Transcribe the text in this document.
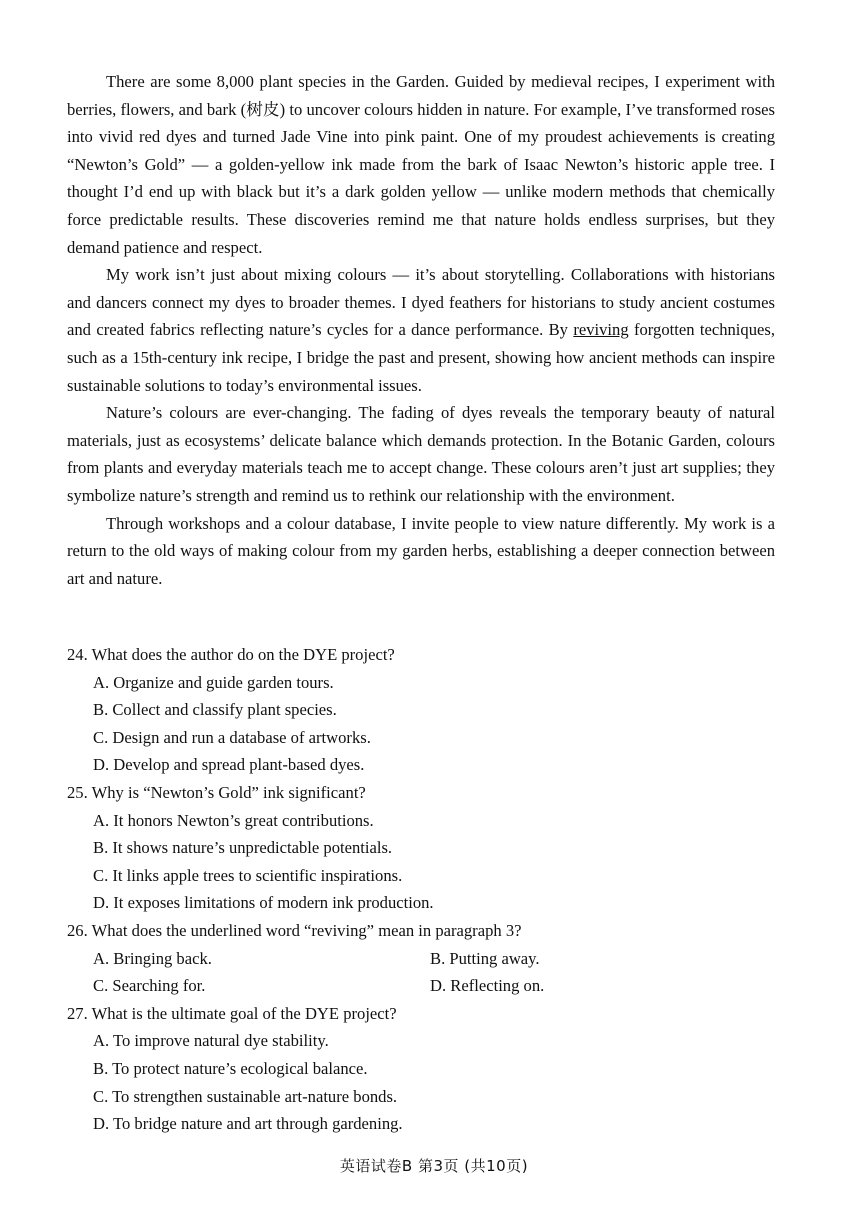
There are some 8,000 plant species in the Garden. Guided by medieval recipes, I experiment with berries, flowers, and bark (树皮) to uncover colours hidden in nature. For example, I’ve transformed roses into vivid red dyes and turned Jade Vine into pink paint. One of my proudest achievements is creating “Newton’s Gold” — a golden-yellow ink made from the bark of Isaac Newton’s historic apple tree. I thought I’d end up with black but it’s a dark golden yellow — unlike modern methods that chemically force predictable results. These discoveries remind me that nature holds endless surprises, but they demand patience and respect.

My work isn’t just about mixing colours — it’s about storytelling. Collaborations with historians and dancers connect my dyes to broader themes. I dyed feathers for historians to study ancient costumes and created fabrics reflecting nature’s cycles for a dance performance. By reviving forgotten techniques, such as a 15th-century ink recipe, I bridge the past and present, showing how ancient methods can inspire sustainable solutions to today’s environmental issues.

Nature’s colours are ever-changing. The fading of dyes reveals the temporary beauty of natural materials, just as ecosystems’ delicate balance which demands protection. In the Botanic Garden, colours from plants and everyday materials teach me to accept change. These colours aren’t just art supplies; they symbolize nature’s strength and remind us to rethink our relationship with the environment.

Through workshops and a colour database, I invite people to view nature differently. My work is a return to the old ways of making colour from my garden herbs, establishing a deeper connection between art and nature.

24. What does the author do on the DYE project?

A. Organize and guide garden tours.

B. Collect and classify plant species.

C. Design and run a database of artworks.

D. Develop and spread plant-based dyes.

25. Why is “Newton’s Gold” ink significant?

A. It honors Newton’s great contributions.

B. It shows nature’s unpredictable potentials.

C. It links apple trees to scientific inspirations.

D. It exposes limitations of modern ink production.

26. What does the underlined word “reviving” mean in paragraph 3?

A. Bringing back.	B. Putting away.

C. Searching for.	D. Reflecting on.

27. What is the ultimate goal of the DYE project?

A. To improve natural dye stability.

B. To protect nature’s ecological balance.

C. To strengthen sustainable art-nature bonds.

D. To bridge nature and art through gardening.

英语试卷B 第3页 (共10页)
